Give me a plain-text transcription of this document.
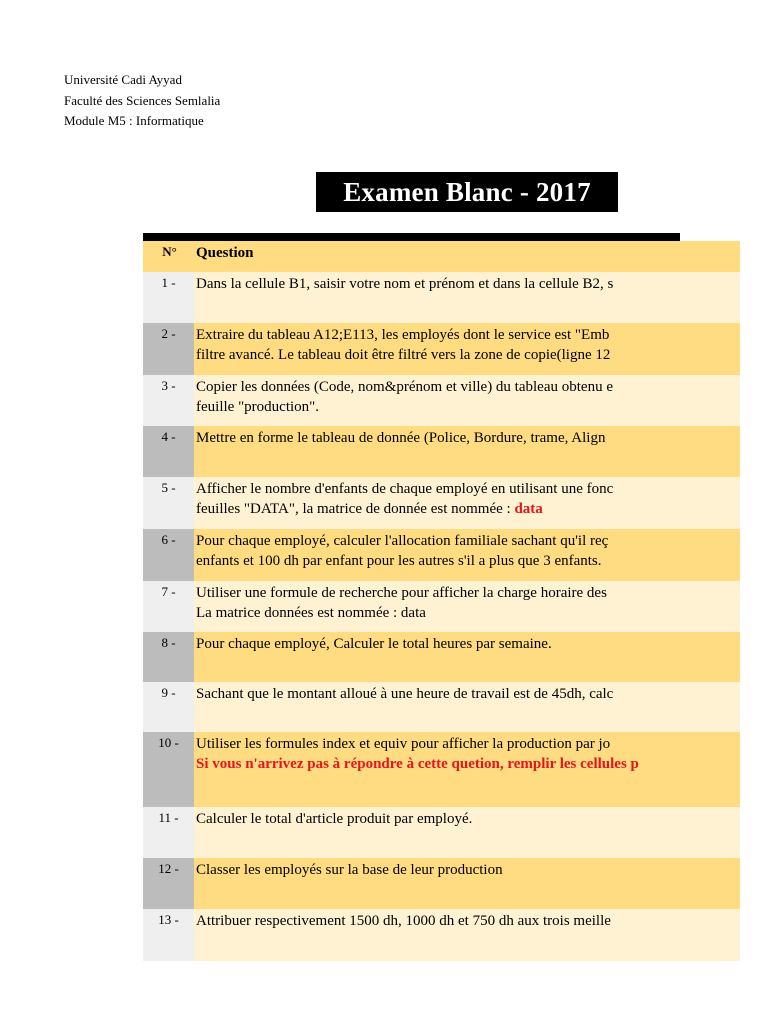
Université Cadi Ayyad
Faculté des Sciences Semlalia
Module M5 : Informatique
Examen Blanc - 2017
N°	Question	
1 -	Dans la cellule B1, saisir votre nom et prénom et dans la cellule B2, s	

2 -	Extraire du tableau A12;E113, les employés dont le service est "Emb
filtre avancé. Le tableau doit être filtré vers la zone de copie(ligne 12	

3 -	Copier les données (Code, nom&prénom et ville) du tableau obtenu e
feuille "production".	

4 -	Mettre en forme le tableau de donnée (Police, Bordure, trame, Align	

5 -	Afficher le nombre d'enfants de chaque employé en utilisant une fonc
feuilles "DATA", la matrice de donnée est nommée : data	

6 -	Pour chaque employé, calculer l'allocation familiale sachant qu'il reç
enfants et 100 dh par enfant pour les autres s'il a plus que 3 enfants.	

7 -	Utiliser une formule de recherche pour afficher la charge horaire des
La matrice données est nommée : data	

8 -	Pour chaque employé, Calculer le total heures par semaine.	

9 -	Sachant que le montant alloué à une heure de travail est de 45dh, calc	

10 -	Utiliser les formules index et equiv pour afficher la production par jo
Si vous n'arrivez pas à répondre à cette quetion, remplir les cellules p	

11 -	Calculer le total d'article produit par employé.	

12 -	Classer les employés sur la base de leur production	

13 -	Attribuer respectivement 1500 dh, 1000 dh et 750 dh aux trois meille	
